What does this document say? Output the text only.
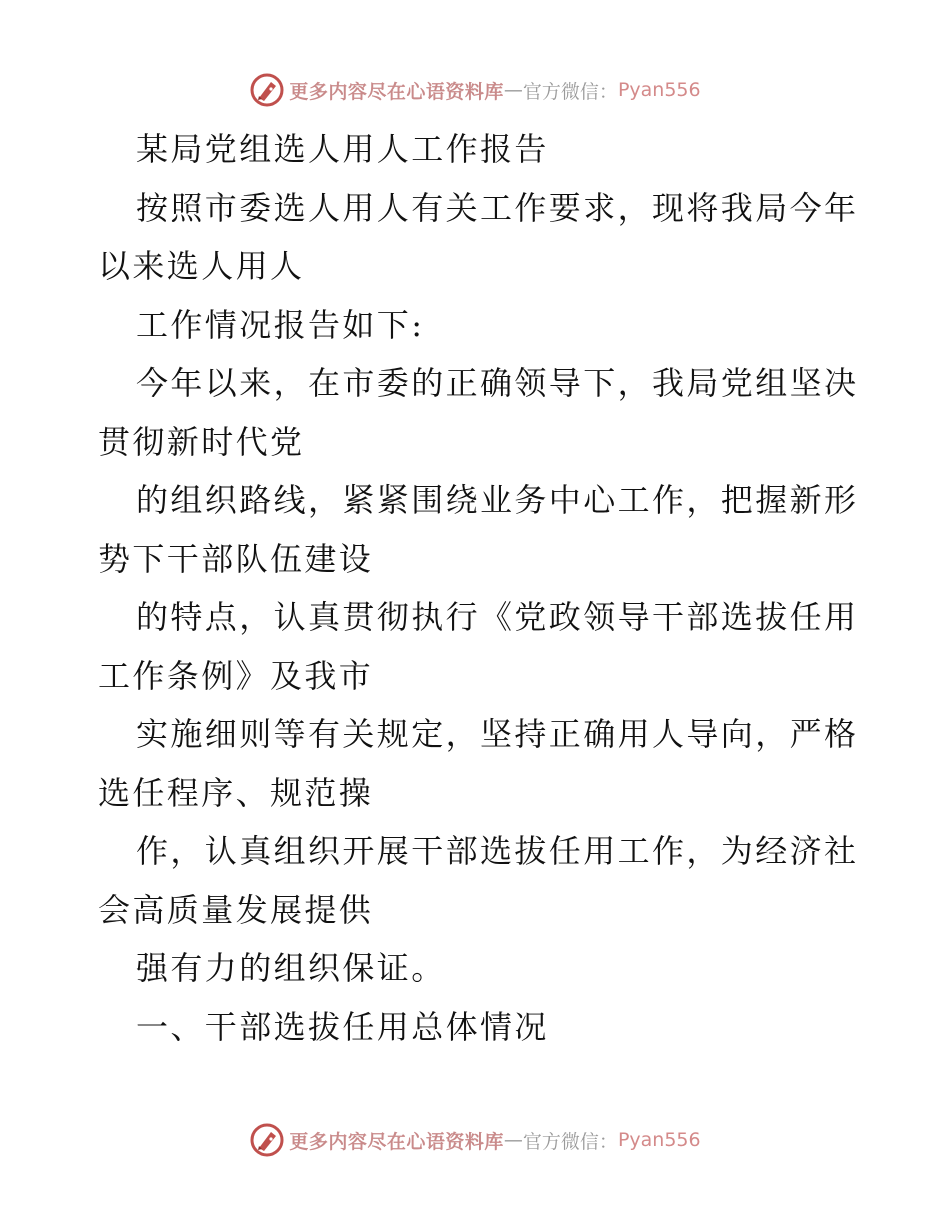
更多内容尽在心语资料库 — 官方微信： Pyan556
某局党组选人用人工作报告
按照市委选人用人有关工作要求，现将我局今年
以来选人用人
工作情况报告如下:
今年以来，在市委的正确领导下，我局党组坚决
贯彻新时代党
的组织路线，紧紧围绕业务中心工作，把握新形
势下干部队伍建设
的特点，认真贯彻执行《党政领导干部选拔任用
工作条例》及我市
实施细则等有关规定，坚持正确用人导向，严格
选任程序、规范操
作，认真组织开展干部选拔任用工作，为经济社
会高质量发展提供
强有力的组织保证。
一、干部选拔任用总体情况
更多内容尽在心语资料库 — 官方微信： Pyan556
